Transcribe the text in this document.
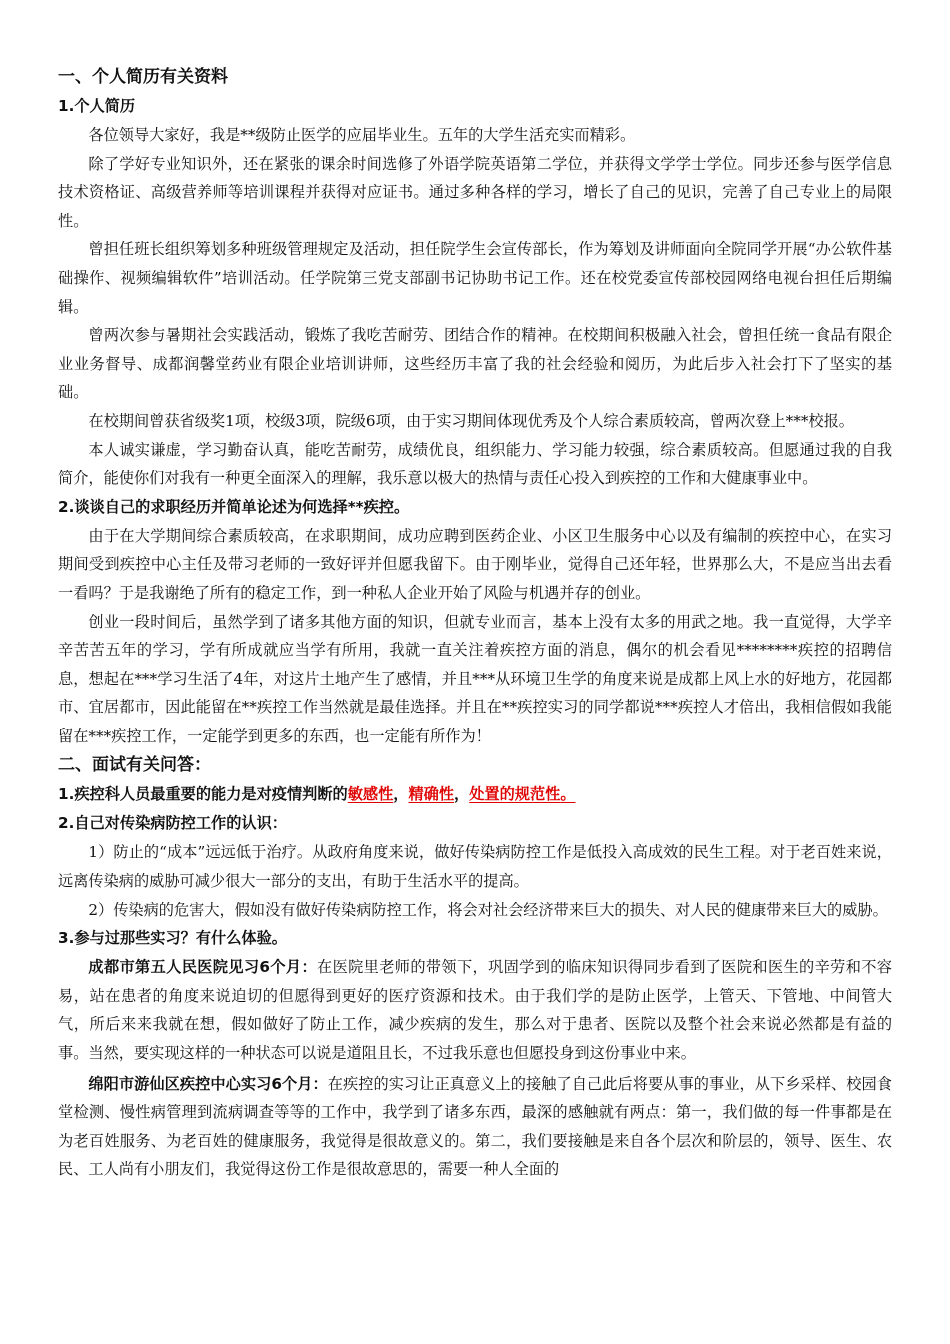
一、个人简历有关资料
1.个人简历

各位领导大家好，我是**级防止医学的应届毕业生。五年的大学生活充实而精彩。

除了学好专业知识外，还在紧张的课余时间选修了外语学院英语第二学位，并获得文学学士学位。同步还参与医学信息技术资格证、高级营养师等培训课程并获得对应证书。通过多种各样的学习，增长了自己的见识，完善了自己专业上的局限性。

曾担任班长组织筹划多种班级管理规定及活动，担任院学生会宣传部长，作为筹划及讲师面向全院同学开展“办公软件基础操作、视频编辑软件”培训活动。任学院第三党支部副书记协助书记工作。还在校党委宣传部校园网络电视台担任后期编辑。

曾两次参与暑期社会实践活动，锻炼了我吃苦耐劳、团结合作的精神。在校期间积极融入社会，曾担任统一食品有限企业业务督导、成都润馨堂药业有限企业培训讲师，这些经历丰富了我的社会经验和阅历，为此后步入社会打下了坚实的基础。

在校期间曾获省级奖1项，校级3项，院级6项，由于实习期间体现优秀及个人综合素质较高，曾两次登上***校报。

本人诚实谦虚，学习勤奋认真，能吃苦耐劳，成绩优良，组织能力、学习能力较强，综合素质较高。但愿通过我的自我简介，能使你们对我有一种更全面深入的理解，我乐意以极大的热情与责任心投入到疾控的工作和大健康事业中。

2.谈谈自己的求职经历并简单论述为何选择**疾控。

由于在大学期间综合素质较高，在求职期间，成功应聘到医药企业、小区卫生服务中心以及有编制的疾控中心，在实习期间受到疾控中心主任及带习老师的一致好评并但愿我留下。由于刚毕业，觉得自己还年轻，世界那么大，不是应当出去看一看吗？于是我谢绝了所有的稳定工作，到一种私人企业开始了风险与机遇并存的创业。

创业一段时间后，虽然学到了诸多其他方面的知识，但就专业而言，基本上没有太多的用武之地。我一直觉得，大学辛辛苦苦五年的学习，学有所成就应当学有所用，我就一直关注着疾控方面的消息，偶尔的机会看见********疾控的招聘信息，想起在***学习生活了4年，对这片土地产生了感情，并且***从环境卫生学的角度来说是成都上风上水的好地方，花园都市、宜居都市，因此能留在**疾控工作当然就是最佳选择。并且在**疾控实习的同学都说***疾控人才倍出，我相信假如我能留在***疾控工作，一定能学到更多的东西，也一定能有所作为！

二、面试有关问答：
1.疾控科人员最重要的能力是对疫情判断的敏感性，精确性，处置的规范性。
2.自己对传染病防控工作的认识：

1）防止的“成本”远远低于治疗。从政府角度来说，做好传染病防控工作是低投入高成效的民生工程。对于老百姓来说，远离传染病的威胁可减少很大一部分的支出，有助于生活水平的提高。

2）传染病的危害大，假如没有做好传染病防控工作，将会对社会经济带来巨大的损失、对人民的健康带来巨大的威胁。

3.参与过那些实习？有什么体验。

成都市第五人民医院见习6个月：在医院里老师的带领下，巩固学到的临床知识得同步看到了医院和医生的辛劳和不容易，站在患者的角度来说迫切的但愿得到更好的医疗资源和技术。由于我们学的是防止医学，上管天、下管地、中间管大气，所后来来我就在想，假如做好了防止工作，减少疾病的发生，那么对于患者、医院以及整个社会来说必然都是有益的事。当然，要实现这样的一种状态可以说是道阻且长，不过我乐意也但愿投身到这份事业中来。

绵阳市游仙区疾控中心实习6个月：在疾控的实习让正真意义上的接触了自己此后将要从事的事业，从下乡采样、校园食堂检测、慢性病管理到流病调查等等的工作中，我学到了诸多东西，最深的感触就有两点：第一，我们做的每一件事都是在为老百姓服务、为老百姓的健康服务，我觉得是很故意义的。第二，我们要接触是来自各个层次和阶层的，领导、医生、农民、工人尚有小朋友们，我觉得这份工作是很故意思的，需要一种人全面的
